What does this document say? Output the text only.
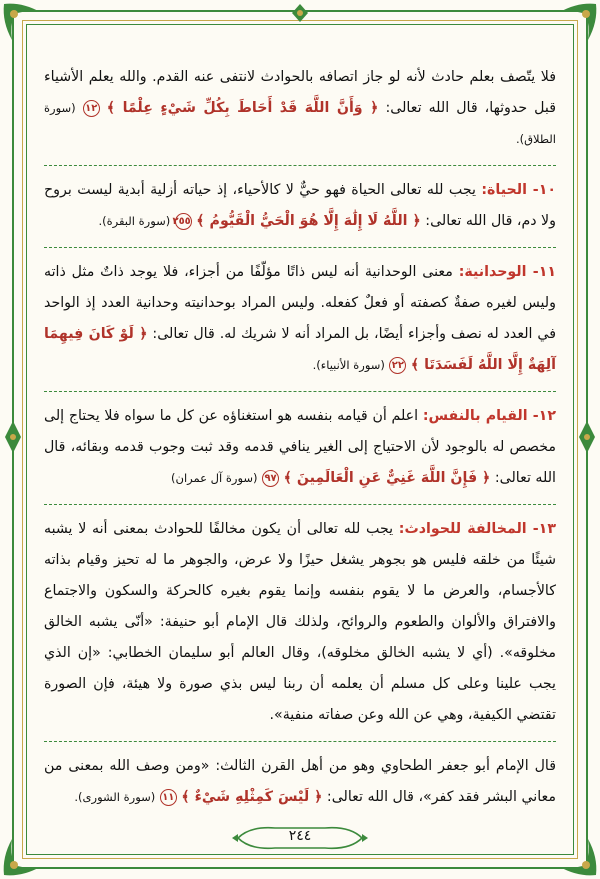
فلا يتّصف بعلم حادث لأنه لو جاز اتصافه بالحوادث لانتفى عنه القدم. والله يعلم الأشياء قبل حدوثها، قال الله تعالى: ﴿ وَأَنَّ اللَّهَ قَدْ أَحَاطَ بِكُلِّ شَيْءٍ عِلْمًا ﴾ ١٢ (سورة الطلاق).

١٠- الحياة: يجب لله تعالى الحياة فهو حيٌّ لا كالأحياء، إذ حياته أزلية أبدية ليست بروح ولا دم، قال الله تعالى: ﴿ اللَّهُ لَا إِلَٰهَ إِلَّا هُوَ الْحَيُّ الْقَيُّومُ ﴾ ٢٥٥ (سورة البقرة).

١١- الوحدانية: معنى الوحدانية أنه ليس ذاتًا مؤلّفًا من أجزاء، فلا يوجد ذاتٌ مثل ذاته وليس لغيره صفةٌ كصفته أو فعلٌ كفعله. وليس المراد بوحدانيته وحدانية العدد إذ الواحد في العدد له نصف وأجزاء أيضًا، بل المراد أنه لا شريك له. قال تعالى: ﴿ لَوْ كَانَ فِيهِمَا آلِهَةٌ إِلَّا اللَّهُ لَفَسَدَتَا ﴾ ٢٢ (سورة الأنبياء).

١٢- القيام بالنفس: اعلم أن قيامه بنفسه هو استغناؤه عن كل ما سواه فلا يحتاج إلى مخصص له بالوجود لأن الاحتياج إلى الغير ينافي قدمه وقد ثبت وجوب قدمه وبقائه، قال الله تعالى: ﴿ فَإِنَّ اللَّهَ غَنِيٌّ عَنِ الْعَالَمِينَ ﴾ ٩٧ (سورة آل عمران)

١٣- المخالفة للحوادث: يجب لله تعالى أن يكون مخالفًا للحوادث بمعنى أنه لا يشبه شيئًا من خلقه فليس هو بجوهر يشغل حيزًا ولا عرض، والجوهر ما له تحيز وقيام بذاته كالأجسام، والعرض ما لا يقوم بنفسه وإنما يقوم بغيره كالحركة والسكون والاجتماع والافتراق والألوان والطعوم والروائح، ولذلك قال الإمام أبو حنيفة: «أنّى يشبه الخالق مخلوقه». (أي لا يشبه الخالق مخلوقه)، وقال العالم أبو سليمان الخطابي: «إن الذي يجب علينا وعلى كل مسلم أن يعلمه أن ربنا ليس بذي صورة ولا هيئة، فإن الصورة تقتضي الكيفية، وهي عن الله وعن صفاته منفية».

قال الإمام أبو جعفر الطحاوي وهو من أهل القرن الثالث: «ومن وصف الله بمعنى من معاني البشر فقد كفر»، قال الله تعالى: ﴿ لَيْسَ كَمِثْلِهِ شَيْءٌ ﴾ ١١ (سورة الشورى).

٢٤٤
